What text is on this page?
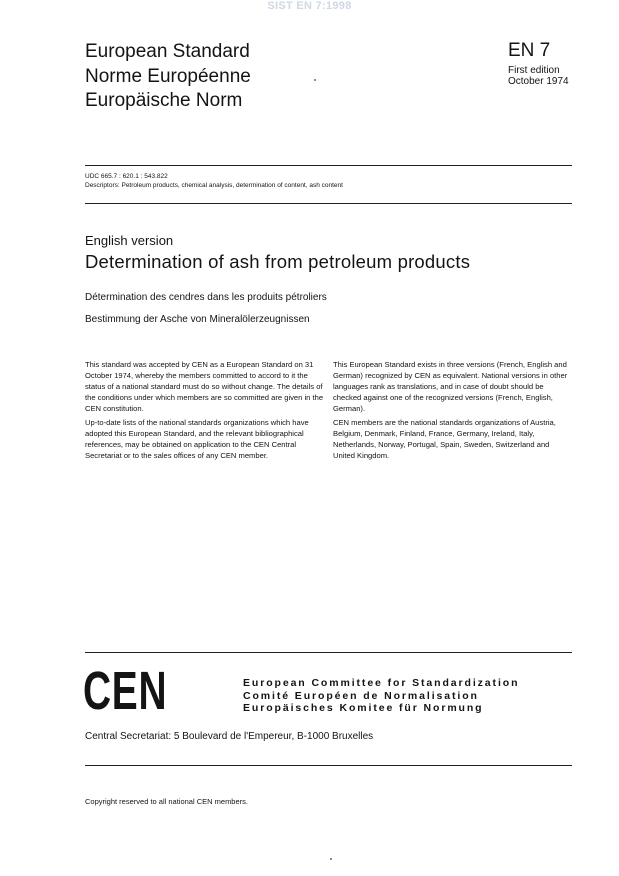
SIST EN 7:1998
European Standard
Norme Européenne
Europäische Norm
EN 7
First edition
October 1974
UDC 665.7 : 620.1 : 543.822
Descriptors: Petroleum products, chemical analysis, determination of content, ash content
English version
Determination of ash from petroleum products
Détermination des cendres dans les produits pétroliers
Bestimmung der Asche von Mineralölerzeugnissen

This standard was accepted by CEN as a European Standard on 31 October 1974, whereby the members committed to accord to it the status of a national standard must do so without change. The details of the conditions under which members are so committed are given in the CEN constitution.

Up-to-date lists of the national standards organizations which have adopted this European Standard, and the relevant bibliographical references, may be obtained on application to the CEN Central Secretariat or to the sales offices of any CEN member.

This European Standard exists in three versions (French, English and German) recognized by CEN as equivalent. National versions in other languages rank as translations, and in case of doubt should be checked against one of the recognized versions (French, English, German).

CEN members are the national standards organizations of Austria, Belgium, Denmark, Finland, France, Germany, Ireland, Italy, Netherlands, Norway, Portugal, Spain, Sweden, Switzerland and United Kingdom.

CEN	European Committee for Standardization
Comité Européen de Normalisation
Europäisches Komitee für Normung
Central Secretariat: 5 Boulevard de l'Empereur, B-1000 Bruxelles
Copyright reserved to all national CEN members.
